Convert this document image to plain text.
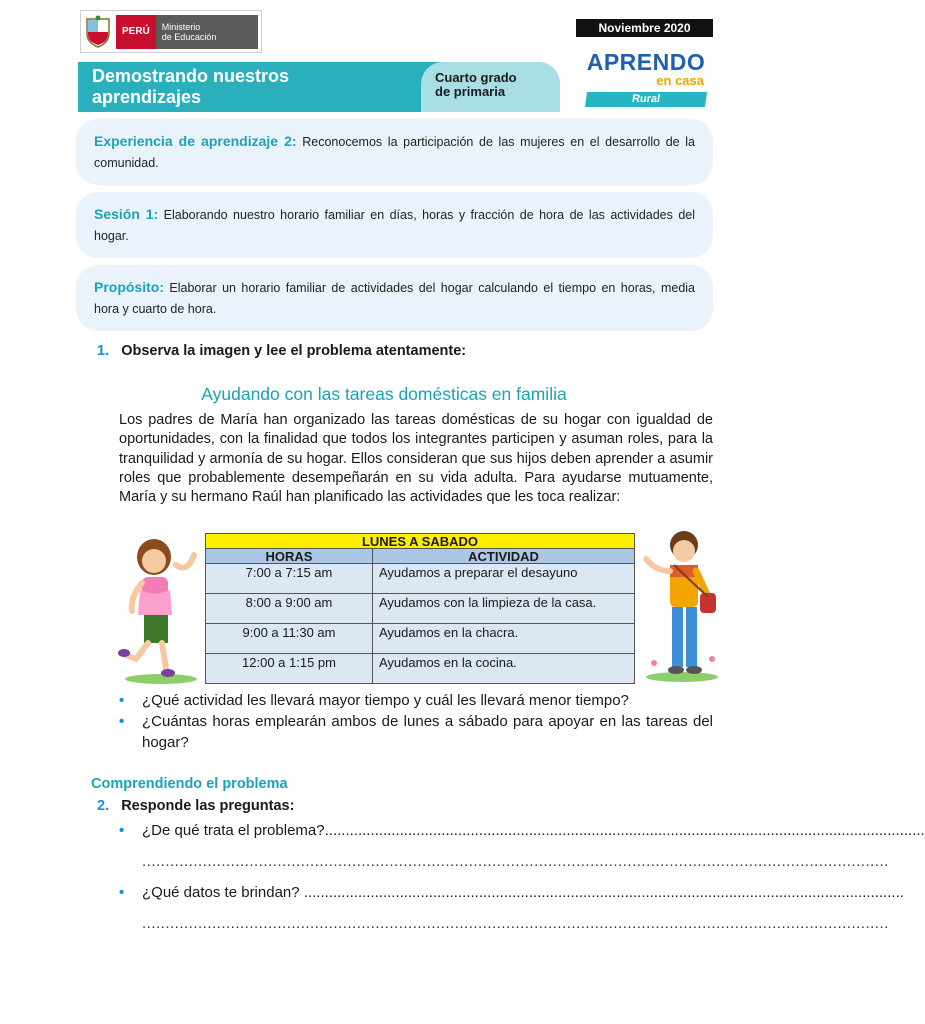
PERÚ	Ministerio
de Educación
Noviembre 2020
Demostrando nuestros
aprendizajes
Cuarto grado
de primaria
APRENDO
en casa
Rural

Experiencia de aprendizaje 2: Reconocemos la participación de las mujeres en el desarrollo de la comunidad.

Sesión 1: Elaborando nuestro horario familiar en días, horas y fracción de hora de las actividades del hogar.

Propósito: Elaborar un horario familiar de actividades del hogar calculando el tiempo en horas, media hora y cuarto de hora.

1. Observa la imagen y lee el problema atentamente:
Ayudando con las tareas domésticas en familia
Los padres de María han organizado las tareas domésticas de su hogar con igualdad de oportunidades, con la finalidad que todos los integrantes participen y asuman roles, para la tranquilidad y armonía de su hogar. Ellos consideran que sus hijos deben aprender a asumir roles que probablemente desempeñarán en su vida adulta. Para ayudarse mutuamente, María y su hermano Raúl han planificado las actividades que les toca realizar:
LUNES A SABADO	
HORAS	ACTIVIDAD
7:00 a 7:15 am	Ayudamos a preparar el desayuno
8:00 a 9:00 am	Ayudamos con la limpieza de la casa.
9:00 a 11:30 am	Ayudamos en la chacra.
12:00 a 1:15 pm	Ayudamos en la cocina.
• ¿Qué actividad les llevará mayor tiempo y cuál les llevará menor tiempo?
• ¿Cuántas horas emplearán ambos de lunes a sábado para apoyar en las tareas del hogar?
Comprendiendo el problema
2. Responde las preguntas:
• ¿De qué trata el problema?................................................................................................................................................
................................................................................................................................................................
• ¿Qué datos te brindan? ................................................................................................................................................
................................................................................................................................................................
